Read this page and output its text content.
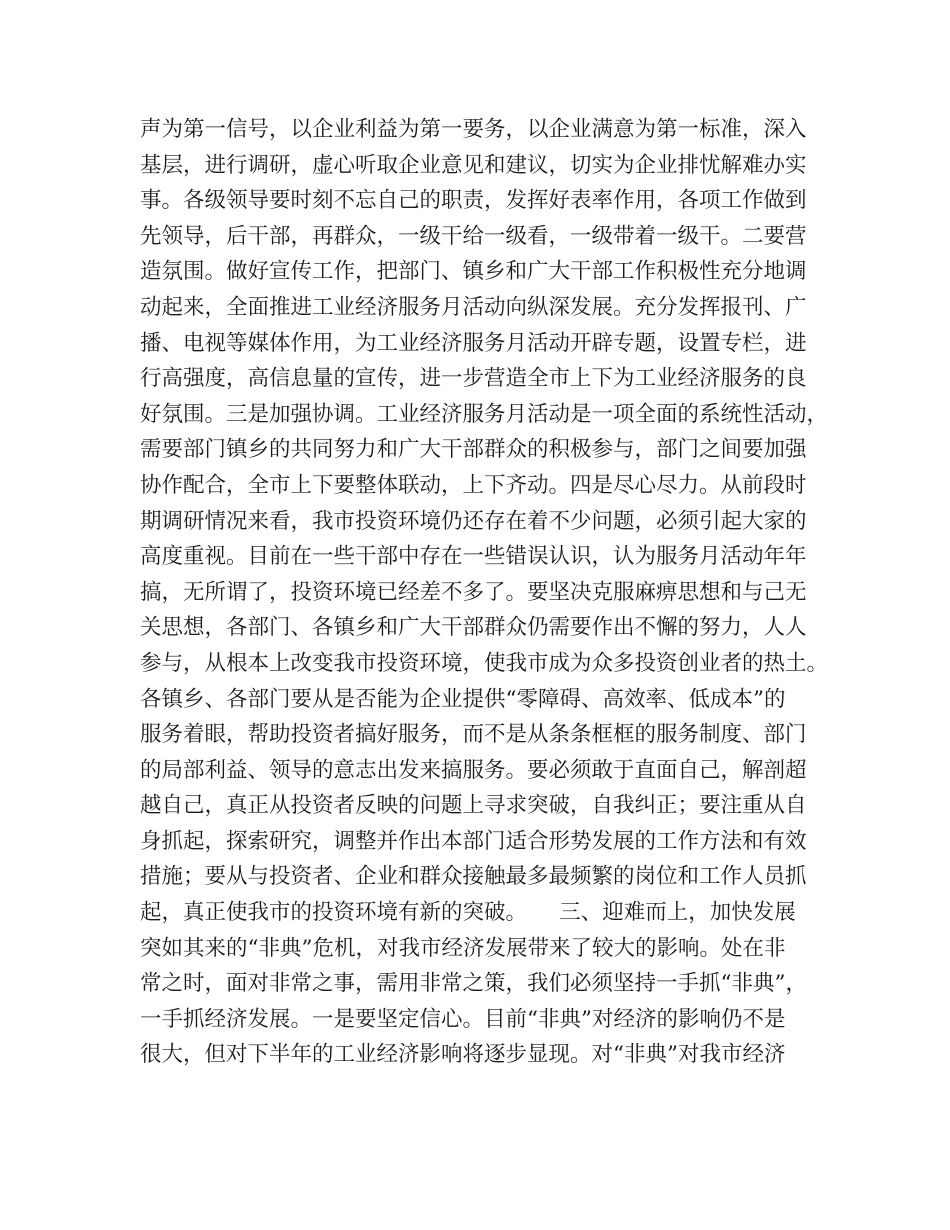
声为第一信号，以企业利益为第一要务，以企业满意为第一标准，深入
基层，进行调研，虚心听取企业意见和建议，切实为企业排忧解难办实
事。各级领导要时刻不忘自己的职责，发挥好表率作用，各项工作做到
先领导，后干部，再群众，一级干给一级看，一级带着一级干。二要营
造氛围。做好宣传工作，把部门、镇乡和广大干部工作积极性充分地调
动起来，全面推进工业经济服务月活动向纵深发展。充分发挥报刊、广
播、电视等媒体作用，为工业经济服务月活动开辟专题，设置专栏，进
行高强度，高信息量的宣传，进一步营造全市上下为工业经济服务的良
好氛围。三是加强协调。工业经济服务月活动是一项全面的系统性活动，
需要部门镇乡的共同努力和广大干部群众的积极参与，部门之间要加强
协作配合，全市上下要整体联动，上下齐动。四是尽心尽力。从前段时
期调研情况来看，我市投资环境仍还存在着不少问题，必须引起大家的
高度重视。目前在一些干部中存在一些错误认识，认为服务月活动年年
搞，无所谓了，投资环境已经差不多了。要坚决克服麻痹思想和与己无
关思想，各部门、各镇乡和广大干部群众仍需要作出不懈的努力，人人
参与，从根本上改变我市投资环境，使我市成为众多投资创业者的热土。
各镇乡、各部门要从是否能为企业提供“零障碍、高效率、低成本”的
服务着眼，帮助投资者搞好服务，而不是从条条框框的服务制度、部门
的局部利益、领导的意志出发来搞服务。要必须敢于直面自己，解剖超
越自己，真正从投资者反映的问题上寻求突破，自我纠正；要注重从自
身抓起，探索研究，调整并作出本部门适合形势发展的工作方法和有效
措施；要从与投资者、企业和群众接触最多最频繁的岗位和工作人员抓
起，真正使我市的投资环境有新的突破。　　三、迎难而上，加快发展
突如其来的“非典”危机，对我市经济发展带来了较大的影响。处在非
常之时，面对非常之事，需用非常之策，我们必须坚持一手抓“非典”，
一手抓经济发展。一是要坚定信心。目前“非典”对经济的影响仍不是
很大，但对下半年的工业经济影响将逐步显现。对“非典”对我市经济
